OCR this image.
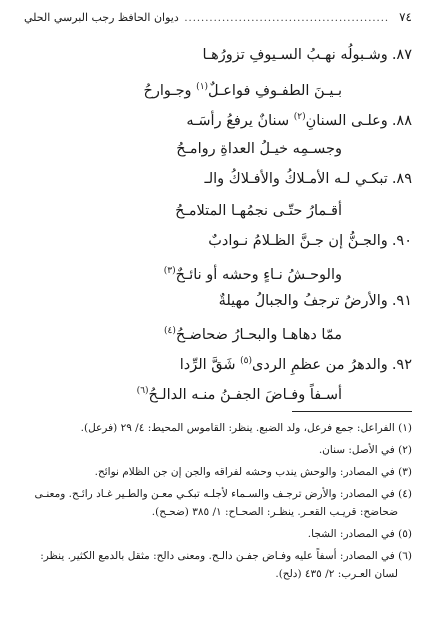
٧٤
.....
ديوان الحافظ رجب البرسي الحلي
٨٧.وشـبولُه نهـبُ السـيوفِ تزورُهـا
بـيـنَ الطفـوفِ فواعـلٌ$^{(١)}$ وجـوارحُ
٨٨.وعلـى السنانِ$^{(٢)}$ سنانٌ يرفعُ رأسَـه
وجسـمِه خيـلُ العداةِ روامـحُ
٨٩.تبكـي لـه الأمـلاكُ والأفـلاكُ والـ
أقـمارُ حتّـى نجمُهـا المتلامـحُ
٩٠.والجـنُّ إن جـنَّ الظـلامُ نـوادبٌ
والوحـشُ نـاءٍ وحشه أو نائـحٌ$^{(٣)}$
٩١.والأرضُ ترجفُ والجبالُ مهيلةٌ
ممّا دهاهـا والبحـارُ ضحاضـحُ$^{(٤)}$
٩٢.والدهرُ من عظمِ الردى$^{(٥)}$ شَقَّ الرِّدا
أسـفاً وفـاضَ الجفـنُ منـه الدالـحُ$^{(٦)}$
(١) الفراعل: جمع فرعل، ولد الضبع. ينظر: القاموس المحيط: ٤/ ٢٩ (فرعل).
(٢) في الأصل: سنان.
(٣) في المصادر: والوحش يندب وحشه لفراقه والجن إن جن الظلام نوائح.
(٤) في المصادر: والأرض ترجـف والسـماء لأجلـه تبكـي معـن والطـير غـاد رائـح. ومعنـى
ضحاضح: قريـب القعـر. ينظـر: الصحـاح: ١/ ٣٨٥ (ضحـح).
(٥) في المصادر: الشجا.
(٦) في المصادر: أسفاً عليه وفـاض جفـن دالـح. ومعنى دالح: مثقل بالدمع الكثير. ينظر:
لسان العـرب: ٢/ ٤٣٥ (دلح).
